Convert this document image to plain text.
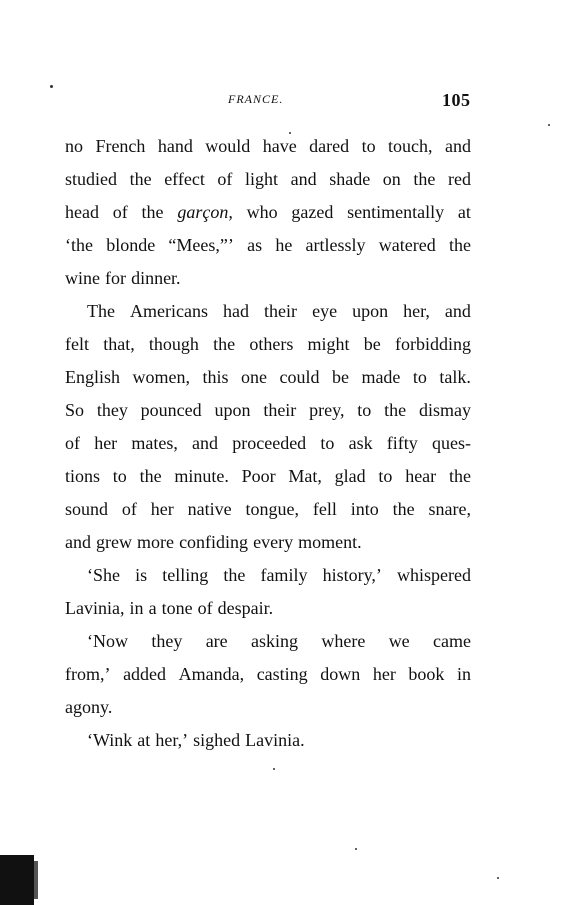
FRANCE.	105
no French hand would have dared to touch, and
studied the effect of light and shade on the red
head of the garçon, who gazed sentimentally at
‘the blonde “Mees,”’ as he artlessly watered the
wine for dinner.
The Americans had their eye upon her, and
felt that, though the others might be forbidding
English women, this one could be made to talk.
So they pounced upon their prey, to the dismay
of her mates, and proceeded to ask fifty ques-
tions to the minute. Poor Mat, glad to hear the
sound of her native tongue, fell into the snare,
and grew more confiding every moment.
‘She is telling the family history,’ whispered
Lavinia, in a tone of despair.
‘Now they are asking where we came
from,’ added Amanda, casting down her book in
agony.
‘Wink at her,’ sighed Lavinia.
